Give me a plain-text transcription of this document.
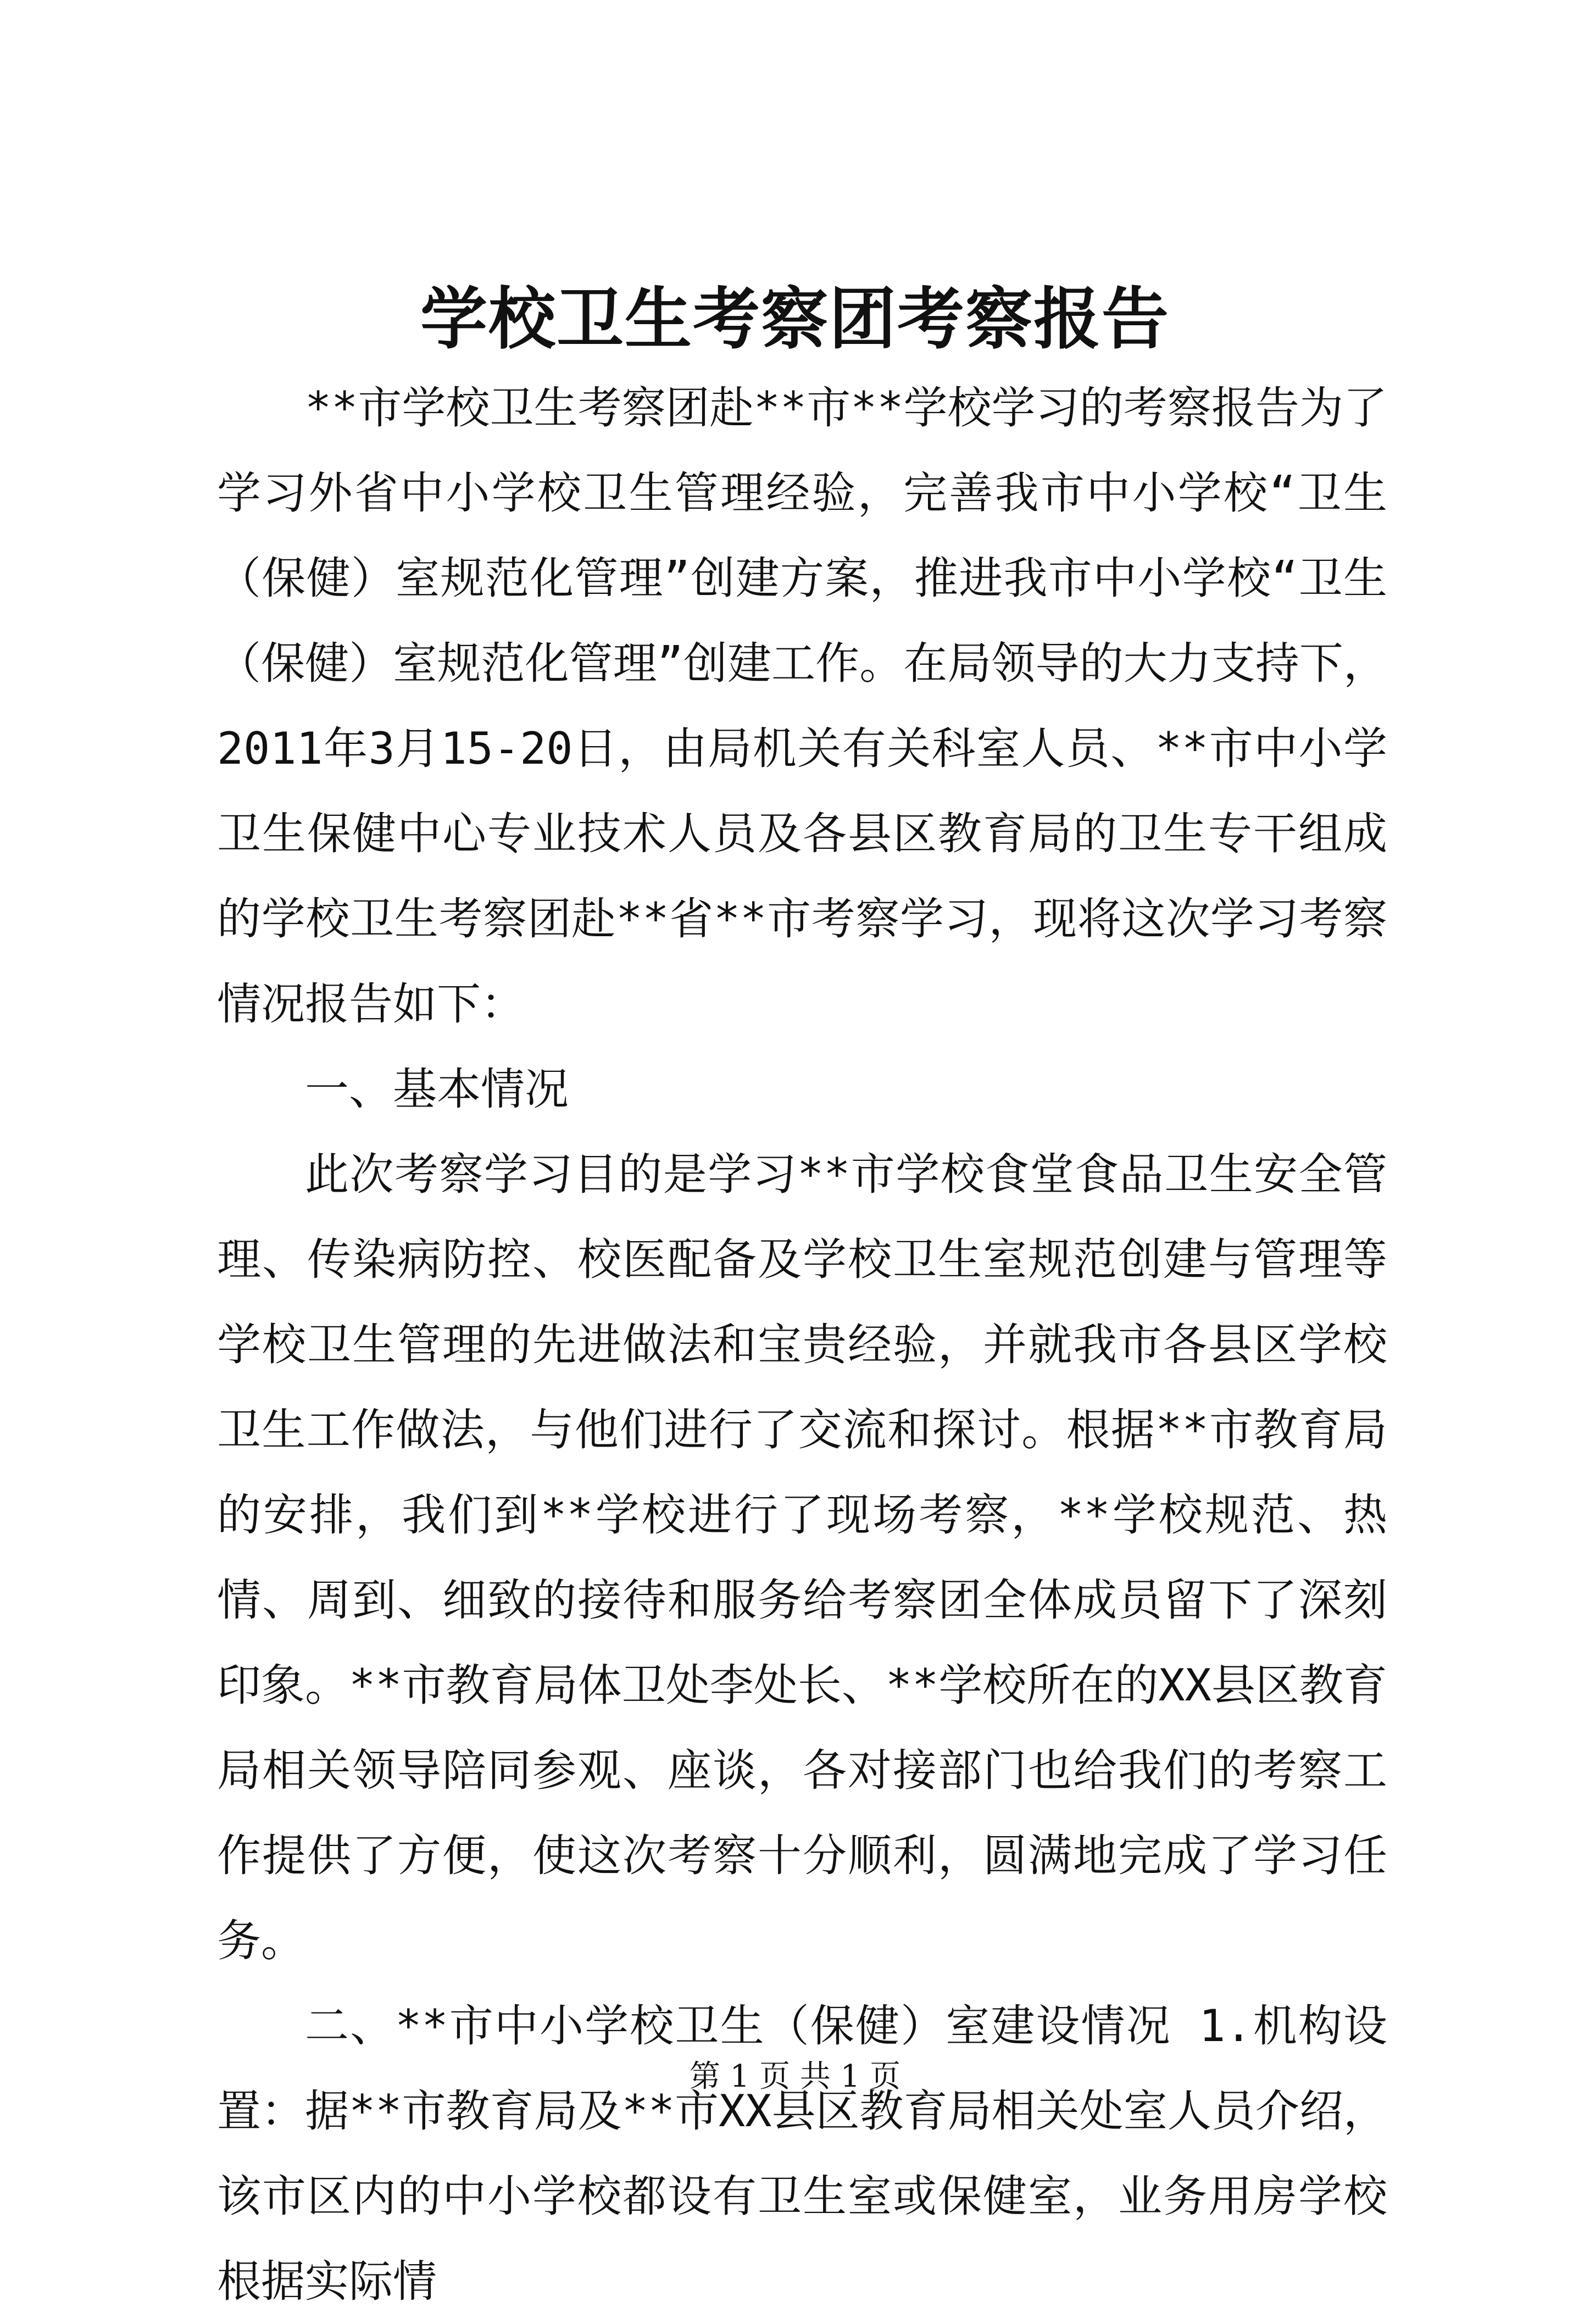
学校卫生考察团考察报告

**市学校卫生考察团赴**市**学校学习的考察报告为了学习外省中小学校卫生管理经验，完善我市中小学校“卫生（保健）室规范化管理”创建方案，推进我市中小学校“卫生（保健）室规范化管理”创建工作。在局领导的大力支持下，2011年3月15-20日，由局机关有关科室人员、**市中小学卫生保健中心专业技术人员及各县区教育局的卫生专干组成的学校卫生考察团赴**省**市考察学习，现将这次学习考察情况报告如下：

一、基本情况

此次考察学习目的是学习**市学校食堂食品卫生安全管理、传染病防控、校医配备及学校卫生室规范创建与管理等学校卫生管理的先进做法和宝贵经验，并就我市各县区学校卫生工作做法，与他们进行了交流和探讨。根据**市教育局的安排，我们到**学校进行了现场考察，**学校规范、热情、周到、细致的接待和服务给考察团全体成员留下了深刻印象。**市教育局体卫处李处长、**学校所在的XX县区教育局相关领导陪同参观、座谈，各对接部门也给我们的考察工作提供了方便，使这次考察十分顺利，圆满地完成了学习任务。

二、**市中小学校卫生（保健）室建设情况 1.机构设置：据**市教育局及**市XX县区教育局相关处室人员介绍，该市区内的中小学校都设有卫生室或保健室，业务用房学校根据实际情

第 1 页 共 1 页
